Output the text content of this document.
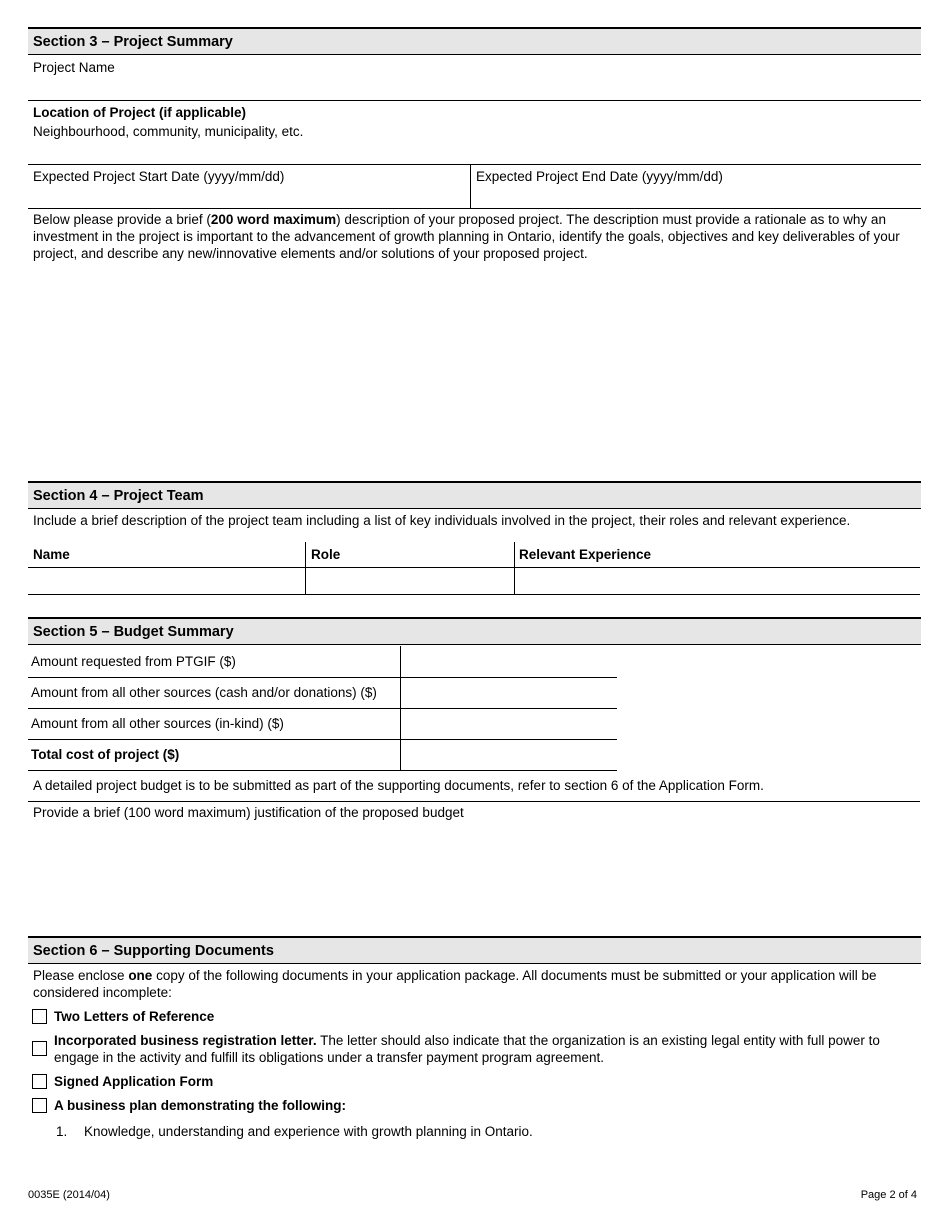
Section 3 – Project Summary
Project Name
Location of Project (if applicable)
Neighbourhood, community, municipality, etc.
Expected Project Start Date (yyyy/mm/dd)	Expected Project End Date (yyyy/mm/dd)
Below please provide a brief (200 word maximum) description of your proposed project. The description must provide a rationale as to why an investment in the project is important to the advancement of growth planning in Ontario, identify the goals, objectives and key deliverables of your project, and describe any new/innovative elements and/or solutions of your proposed project.
Section 4 – Project Team
Include a brief description of the project team including a list of key individuals involved in the project, their roles and relevant experience.
Name	Role	Relevant Experience
Section 5 – Budget Summary
Amount requested from PTGIF ($)
Amount from all other sources (cash and/or donations) ($)
Amount from all other sources (in-kind) ($)
Total cost of project ($)
A detailed project budget is to be submitted as part of the supporting documents, refer to section 6 of the Application Form.
Provide a brief (100 word maximum) justification of the proposed budget
Section 6 – Supporting Documents
Please enclose one copy of the following documents in your application package. All documents must be submitted or your application will be considered incomplete:
Two Letters of Reference
Incorporated business registration letter. The letter should also indicate that the organization is an existing legal entity with full power to engage in the activity and fulfill its obligations under a transfer payment program agreement.
Signed Application Form
A business plan demonstrating the following:
1. Knowledge, understanding and experience with growth planning in Ontario.
0035E (2014/04)	Page 2 of 4
